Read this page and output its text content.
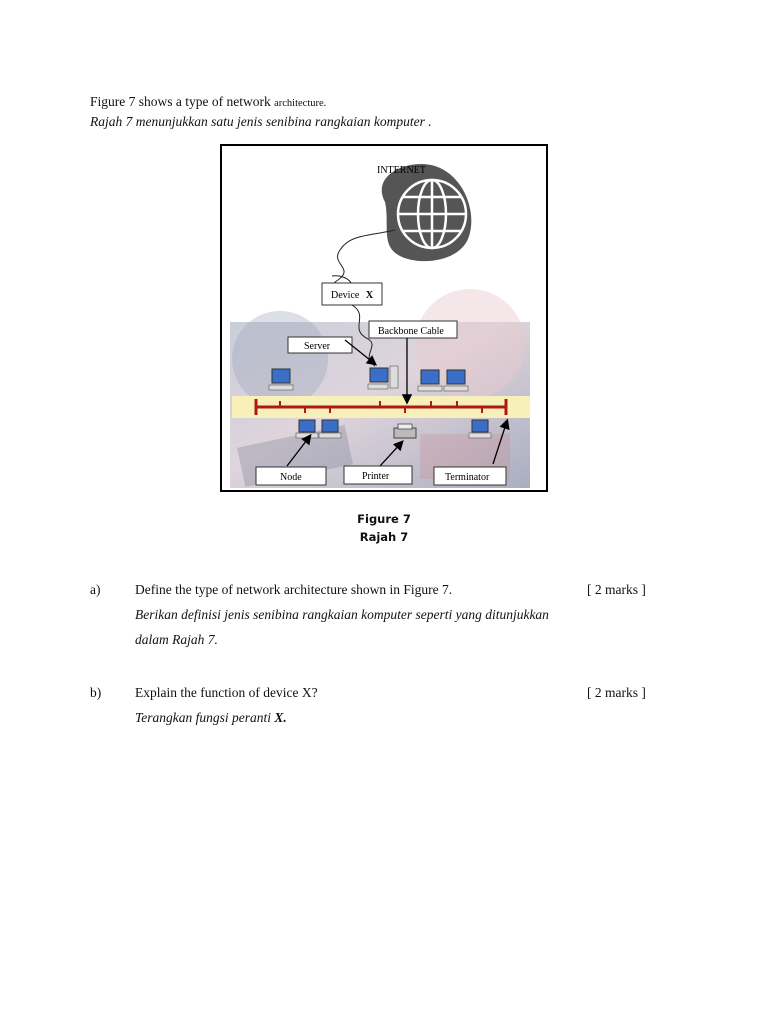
Figure 7 shows a type of network architecture.
Rajah 7 menunjukkan satu jenis senibina rangkaian komputer .
INTERNET
Device X
Backbone Cable
Server
Node	Printer	Terminator
Figure 7
Rajah 7
a)	Define the type of network architecture shown in Figure 7.
Berikan definisi jenis senibina rangkaian komputer seperti yang ditunjukkan
dalam Rajah 7.
[ 2 marks ]
b)	Explain the function of device X?
Terangkan fungsi peranti X.
[ 2 marks ]
